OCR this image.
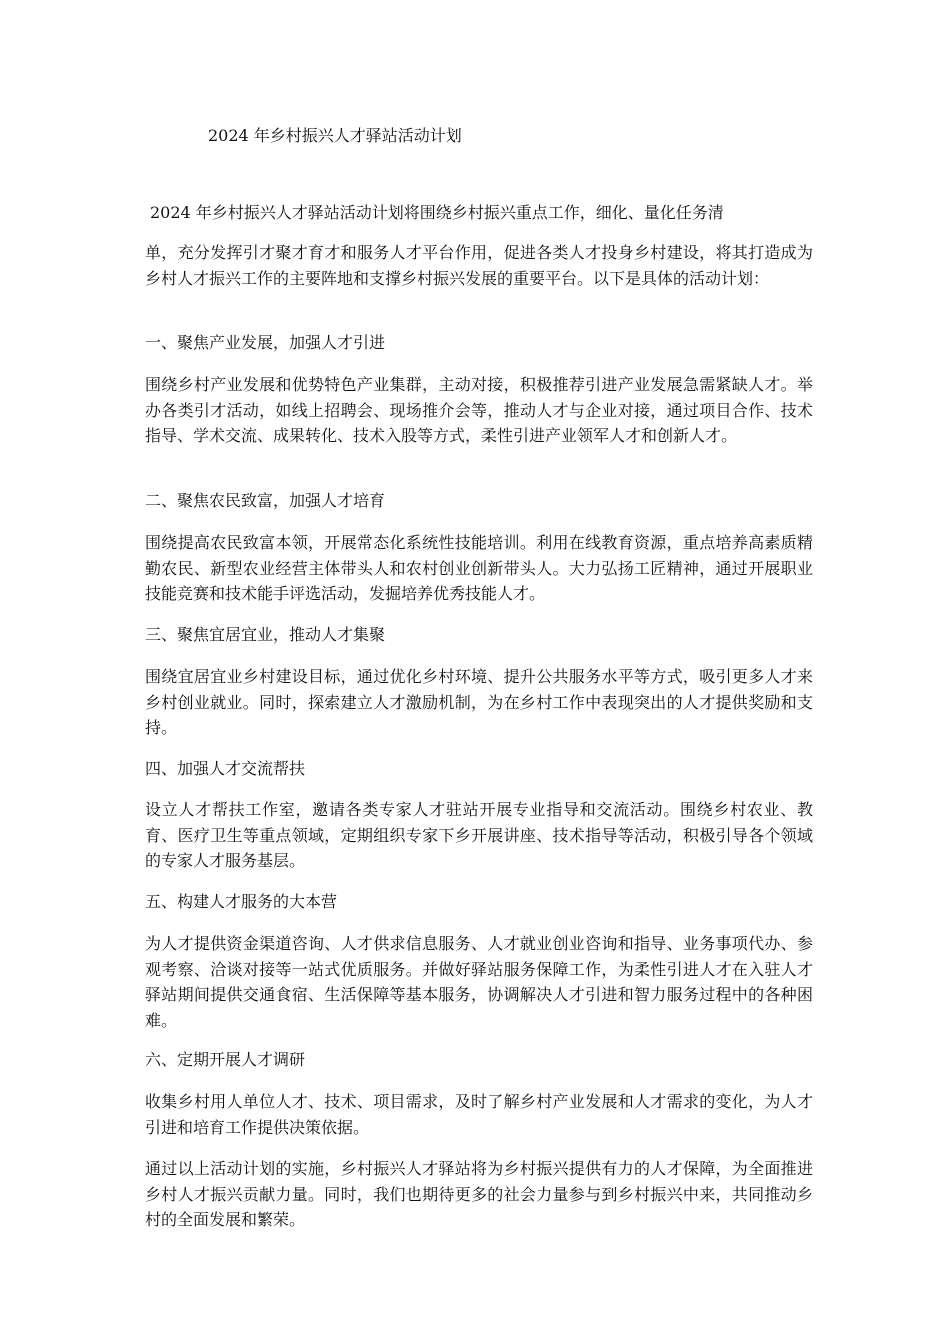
2024 年乡村振兴人才驿站活动计划
2024 年乡村振兴人才驿站活动计划将围绕乡村振兴重点工作，细化、量化任务清

单，充分发挥引才聚才育才和服务人才平台作用，促进各类人才投身乡村建设，将其打造成为乡村人才振兴工作的主要阵地和支撑乡村振兴发展的重要平台。以下是具体的活动计划：

一、聚焦产业发展，加强人才引进

围绕乡村产业发展和优势特色产业集群，主动对接，积极推荐引进产业发展急需紧缺人才。举办各类引才活动，如线上招聘会、现场推介会等，推动人才与企业对接，通过项目合作、技术指导、学术交流、成果转化、技术入股等方式，柔性引进产业领军人才和创新人才。

二、聚焦农民致富，加强人才培育

围绕提高农民致富本领，开展常态化系统性技能培训。利用在线教育资源，重点培养高素质精勤农民、新型农业经营主体带头人和农村创业创新带头人。大力弘扬工匠精神，通过开展职业技能竞赛和技术能手评选活动，发掘培养优秀技能人才。

三、聚焦宜居宜业，推动人才集聚

围绕宜居宜业乡村建设目标，通过优化乡村环境、提升公共服务水平等方式，吸引更多人才来乡村创业就业。同时，探索建立人才激励机制，为在乡村工作中表现突出的人才提供奖励和支持。

四、加强人才交流帮扶

设立人才帮扶工作室，邀请各类专家人才驻站开展专业指导和交流活动。围绕乡村农业、教育、医疗卫生等重点领域，定期组织专家下乡开展讲座、技术指导等活动，积极引导各个领域的专家人才服务基层。

五、构建人才服务的大本营

为人才提供资金渠道咨询、人才供求信息服务、人才就业创业咨询和指导、业务事项代办、参观考察、洽谈对接等一站式优质服务。并做好驿站服务保障工作，为柔性引进人才在入驻人才驿站期间提供交通食宿、生活保障等基本服务，协调解决人才引进和智力服务过程中的各种困难。

六、定期开展人才调研

收集乡村用人单位人才、技术、项目需求，及时了解乡村产业发展和人才需求的变化，为人才引进和培育工作提供决策依据。

通过以上活动计划的实施，乡村振兴人才驿站将为乡村振兴提供有力的人才保障，为全面推进乡村人才振兴贡献力量。同时，我们也期待更多的社会力量参与到乡村振兴中来，共同推动乡村的全面发展和繁荣。
